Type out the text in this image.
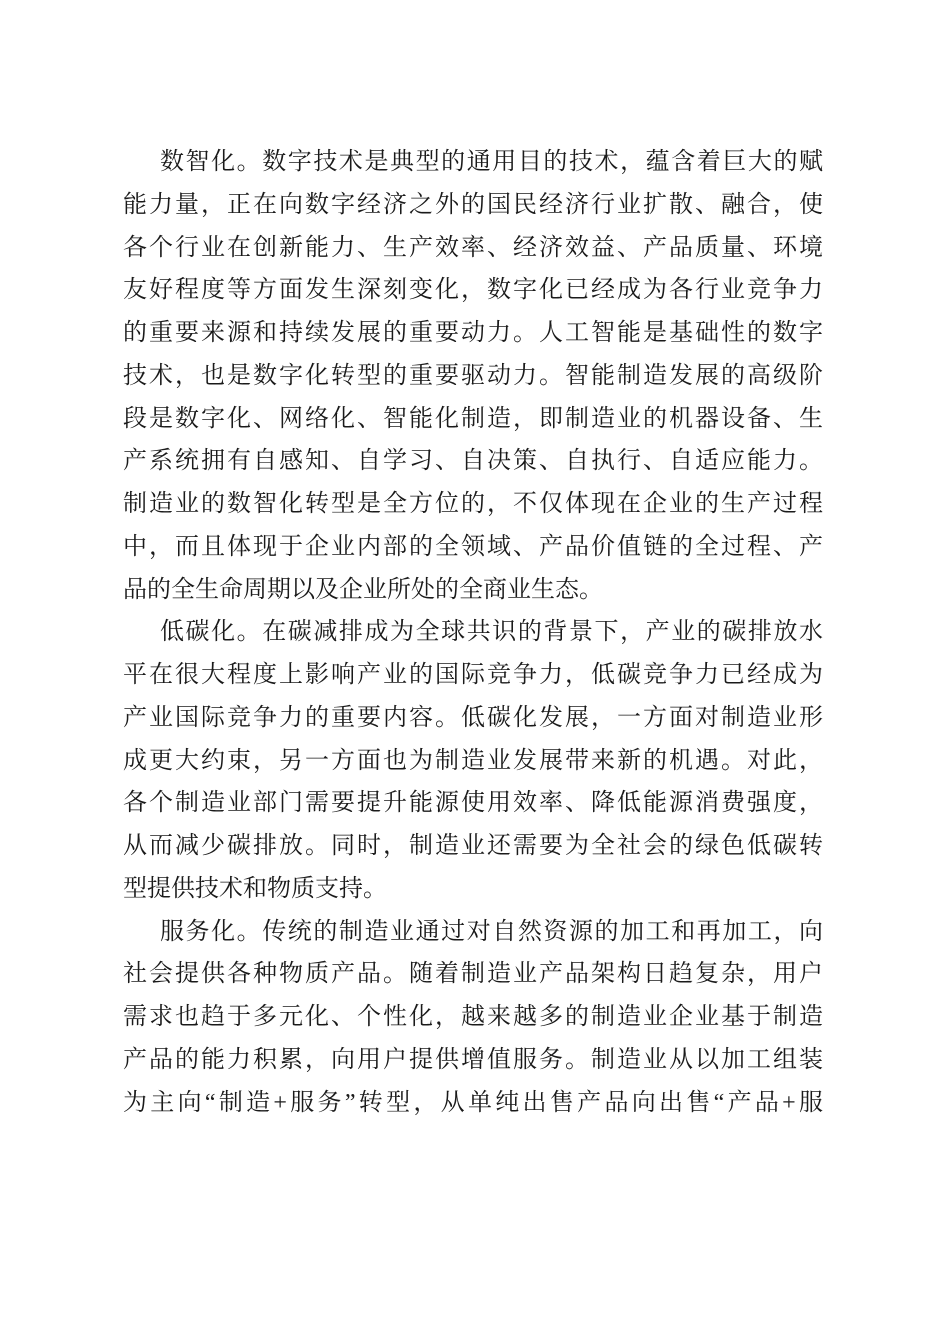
数智化。数字技术是典型的通用目的技术，蕴含着巨大的赋
能力量，正在向数字经济之外的国民经济行业扩散、融合，使
各个行业在创新能力、生产效率、经济效益、产品质量、环境
友好程度等方面发生深刻变化，数字化已经成为各行业竞争力
的重要来源和持续发展的重要动力。人工智能是基础性的数字
技术，也是数字化转型的重要驱动力。智能制造发展的高级阶
段是数字化、网络化、智能化制造，即制造业的机器设备、生
产系统拥有自感知、自学习、自决策、自执行、自适应能力。
制造业的数智化转型是全方位的，不仅体现在企业的生产过程
中，而且体现于企业内部的全领域、产品价值链的全过程、产
品的全生命周期以及企业所处的全商业生态。
低碳化。在碳减排成为全球共识的背景下，产业的碳排放水
平在很大程度上影响产业的国际竞争力，低碳竞争力已经成为
产业国际竞争力的重要内容。低碳化发展，一方面对制造业形
成更大约束，另一方面也为制造业发展带来新的机遇。对此，
各个制造业部门需要提升能源使用效率、降低能源消费强度，
从而减少碳排放。同时，制造业还需要为全社会的绿色低碳转
型提供技术和物质支持。
服务化。传统的制造业通过对自然资源的加工和再加工，向
社会提供各种物质产品。随着制造业产品架构日趋复杂，用户
需求也趋于多元化、个性化，越来越多的制造业企业基于制造
产品的能力积累，向用户提供增值服务。制造业从以加工组装
为主向“制造+服务”转型，从单纯出售产品向出售“产品+服
